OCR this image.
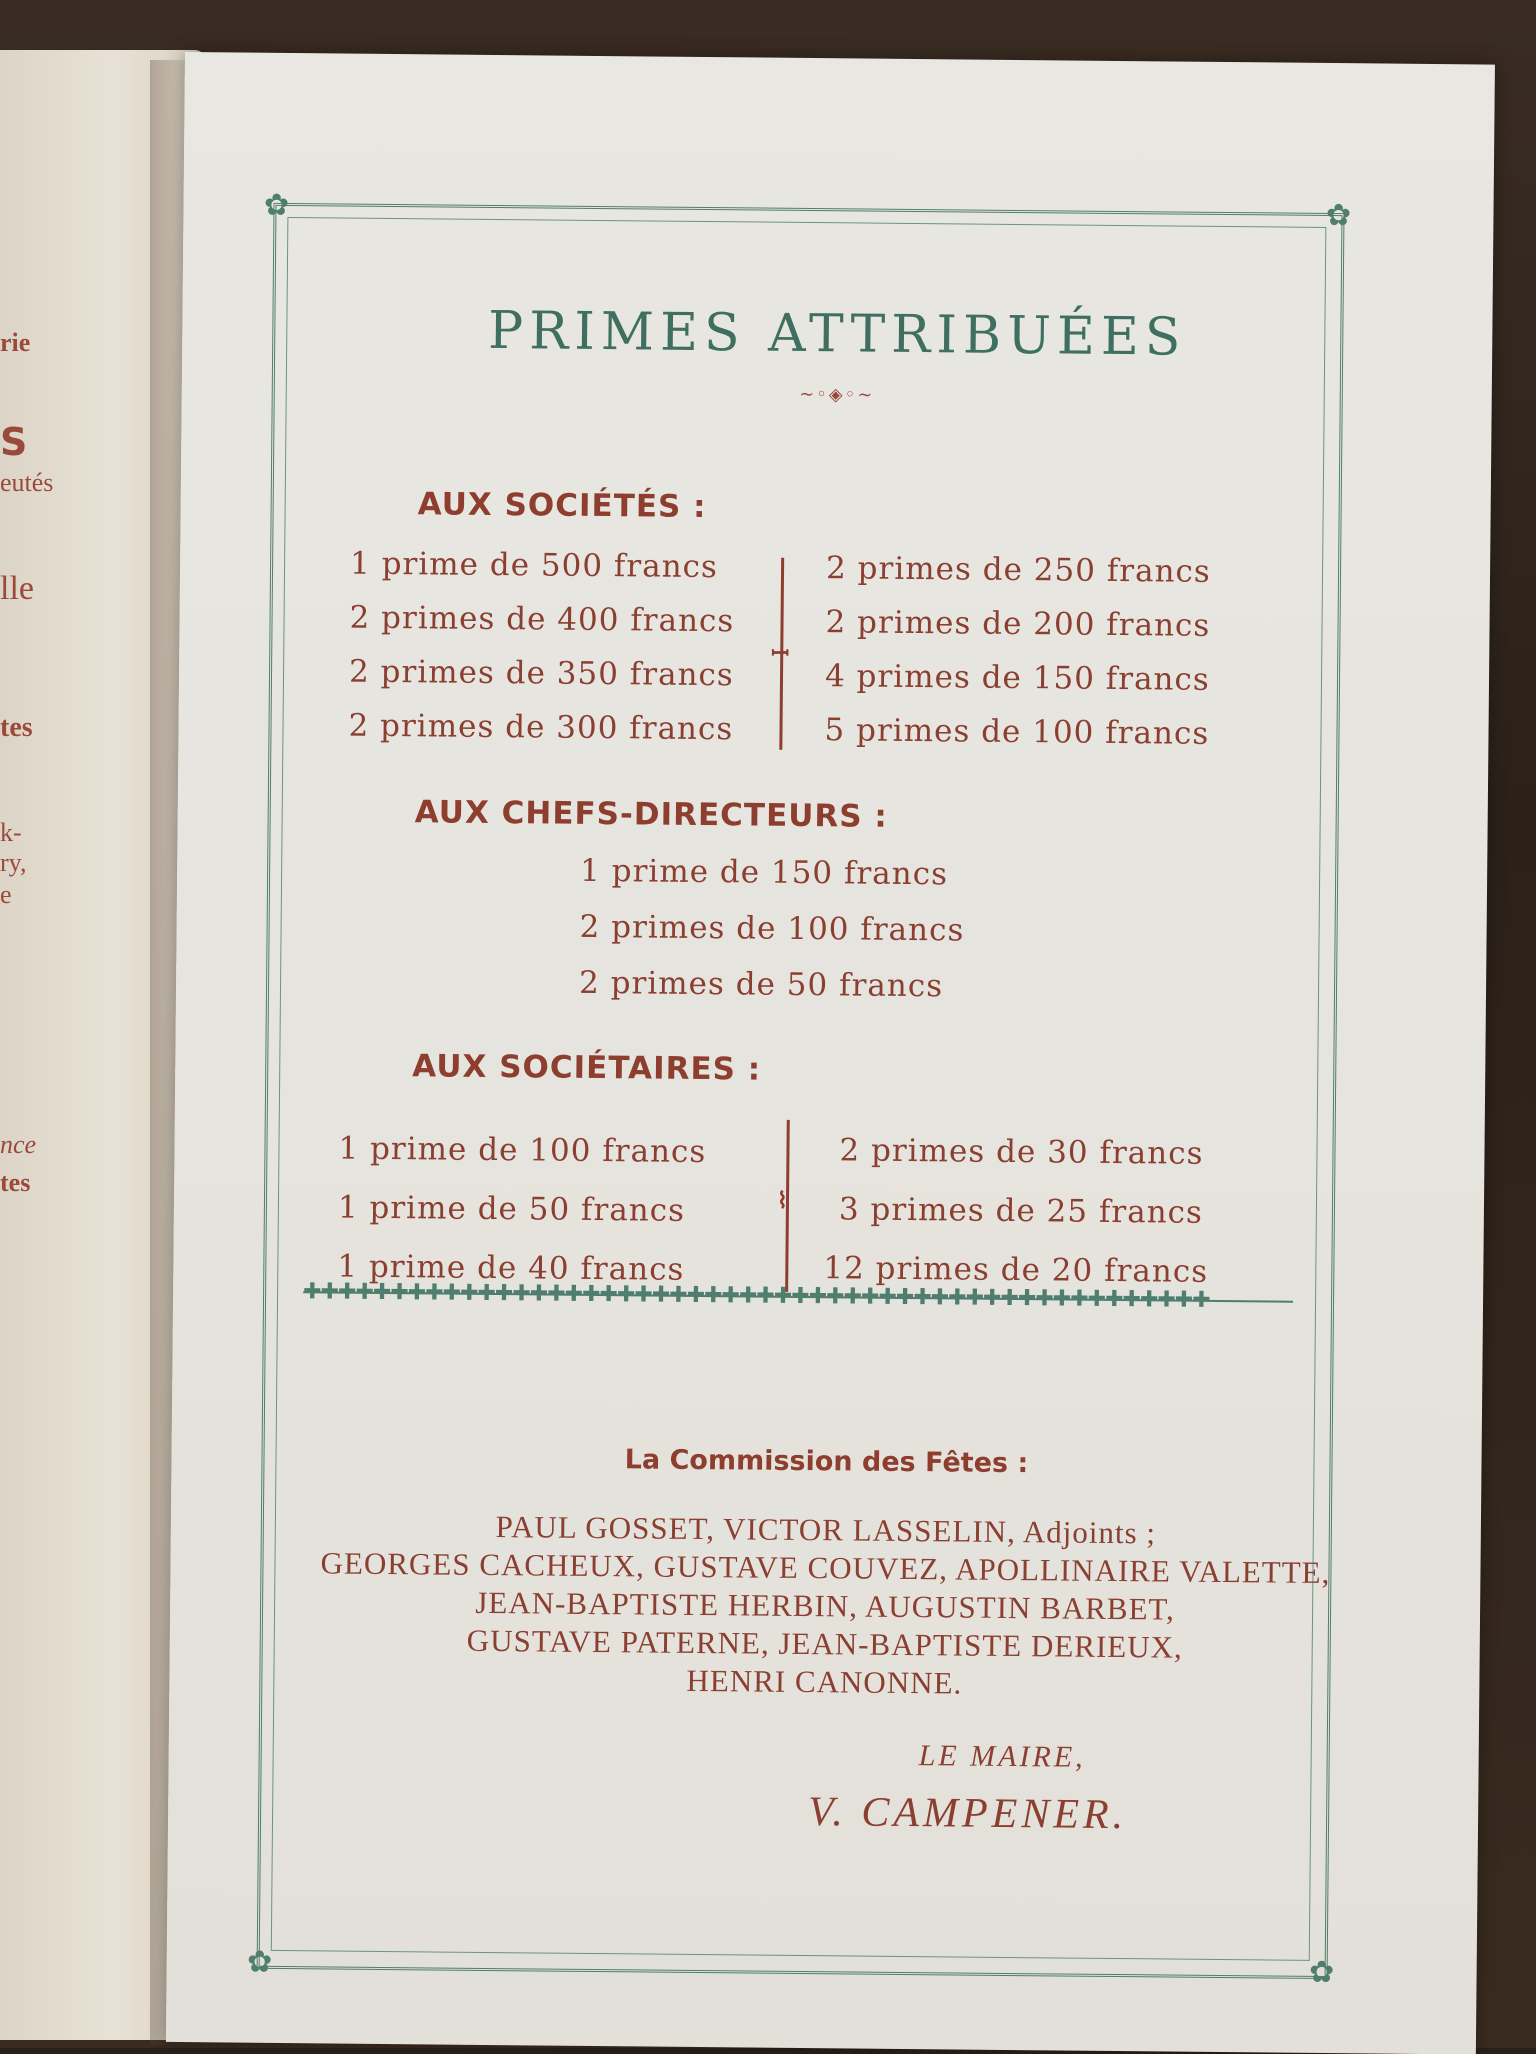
rie
S
eutés
lle
tes
k-
ry,
e
nce
tes
✿	✿
✿	✿
PRIMES ATTRIBUÉES
~◦◈◦~
AUX SOCIÉTÉS :
1 prime de 500 francs
2 primes de 400 francs
2 primes de 350 francs
2 primes de 300 francs
ꟷ
2 primes de 250 francs
2 primes de 200 francs
4 primes de 150 francs
5 primes de 100 francs
AUX CHEFS-DIRECTEURS :
1 prime de 150 francs
2 primes de 100 francs
2 primes de 50 francs
AUX SOCIÉTAIRES :
1 prime de 100 francs
1 prime de 50 francs
1 prime de 40 francs
⌇
2 primes de 30 francs
3 primes de 25 francs
12 primes de 20 francs
✚✚✚✚✚✚✚✚✚✚✚✚✚✚✚✚✚✚✚✚✚✚✚✚✚✚✚✚✚✚✚✚✚✚✚✚✚✚✚✚✚✚✚✚✚✚✚✚✚✚✚✚
La Commission des Fêtes :
PAUL GOSSET, VICTOR LASSELIN, Adjoints ;
GEORGES CACHEUX, GUSTAVE COUVEZ, APOLLINAIRE VALETTE,
JEAN-BAPTISTE HERBIN, AUGUSTIN BARBET,
GUSTAVE PATERNE, JEAN-BAPTISTE DERIEUX,
HENRI CANONNE.
LE MAIRE,
V. CAMPENER.
